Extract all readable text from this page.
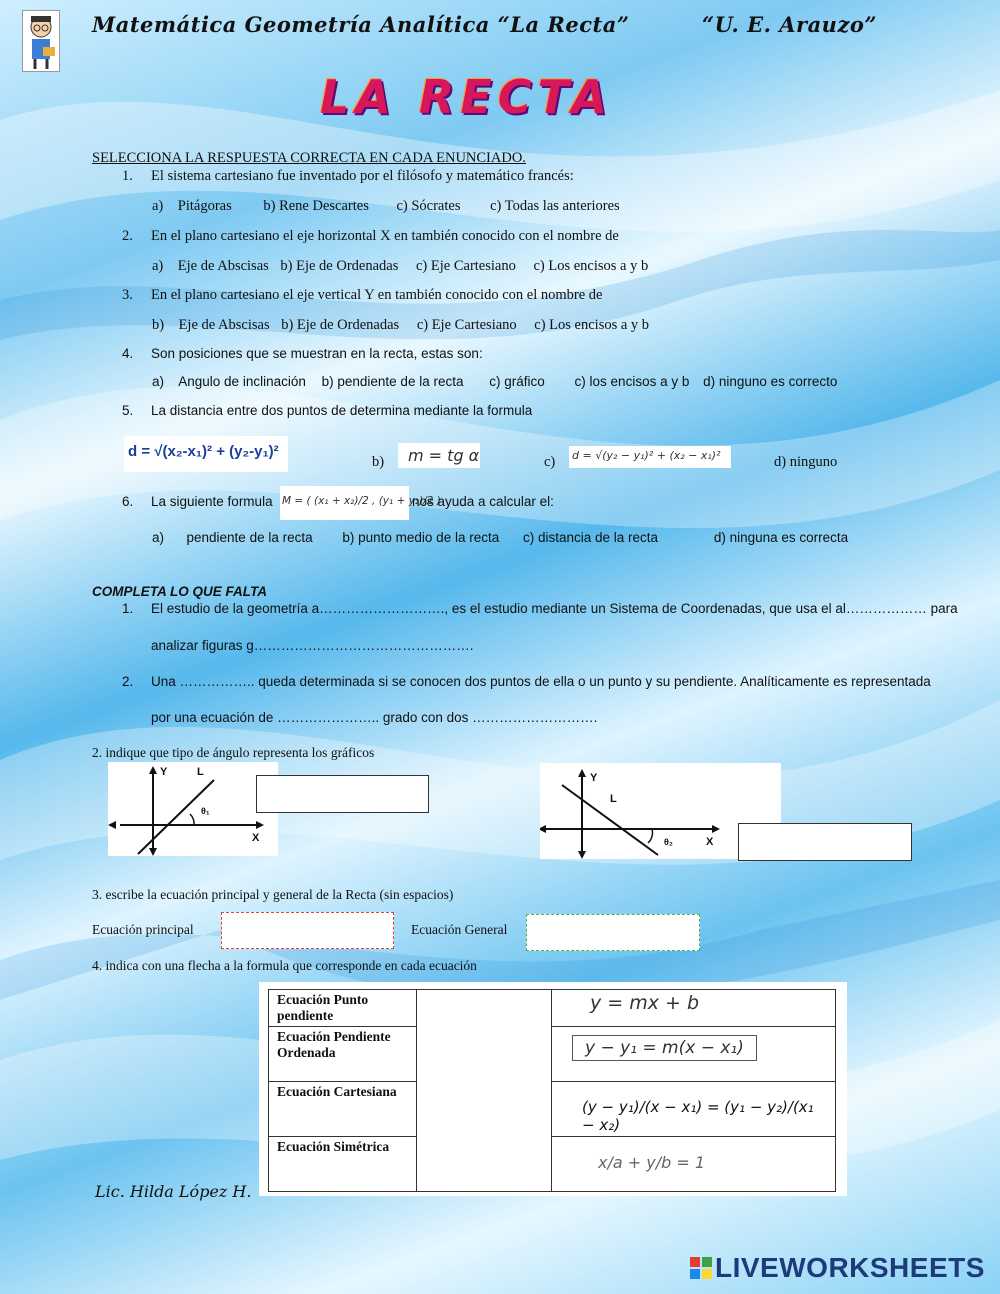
Matemática Geometría Analítica “La Recta”	“U. E. Arauzo”
LA RECTA
SELECCIONA LA RESPUESTA CORRECTA EN CADA ENUNCIADO.
1. El sistema cartesiano fue inventado por el filósofo y matemático francés:
a)    Pitágoras b) Rene Descartes c) Sócrates c) Todas las anteriores
2. En el plano cartesiano el eje horizontal X en también conocido con el nombre de
a)    Eje de Abscisas b) Eje de Ordenadas c) Eje Cartesiano c) Los encisos a y b
3. En el plano cartesiano el eje vertical Y en también conocido con el nombre de
b)    Eje de Abscisas b) Eje de Ordenadas c) Eje Cartesiano c) Los encisos a y b
4. Son posiciones que se muestran en la recta, estas son:
a)    Angulo de inclinación b) pendiente de la recta c) gráfico c) los encisos a y b d) ninguno es correcto
5. La distancia entre dos puntos de determina mediante la formula
d = √(x₂-x₁)² + (y₂-y₁)²
b)	m = tg α	c) d = √(y₂ − y₁)² + (x₂ − x₁)²	d) ninguno
6. La siguiente formula M = ( (x₁ + x₂)/2 , (y₁ + y₂)/2 )
nos ayuda a calcular el:
a)      pendiente de la recta b) punto medio de la recta c) distancia de la recta	d) ninguna es correcta
COMPLETA LO QUE FALTA
1. El estudio de la geometría a………………………., es el estudio mediante un Sistema de Coordenadas, que usa el al……………… para
analizar figuras g………………………………………….
2. Una …………….. queda determinada si se conocen dos puntos de ella o un punto y su pendiente. Analíticamente es representada
por una ecuación de ………………….. grado con dos ……………………….
2. indique que tipo de ángulo representa los gráficos
Y	L
θ₁
X
Y
L
θ₂	X
3. escribe la ecuación principal y general de la Recta (sin espacios)
Ecuación principal	Ecuación General
4. indica con una flecha a la formula que corresponde en cada ecuación
Ecuación Punto pendiente		y = mx + b
Ecuación Pendiente Ordenada		y − y₁ = m(x − x₁)
Ecuación Cartesiana		(y − y₁)/(x − x₁) = (y₁ − y₂)/(x₁ − x₂)
Ecuación Simétrica		x/a + y/b = 1
Lic. Hilda López H.
LIVEWORKSHEETS
